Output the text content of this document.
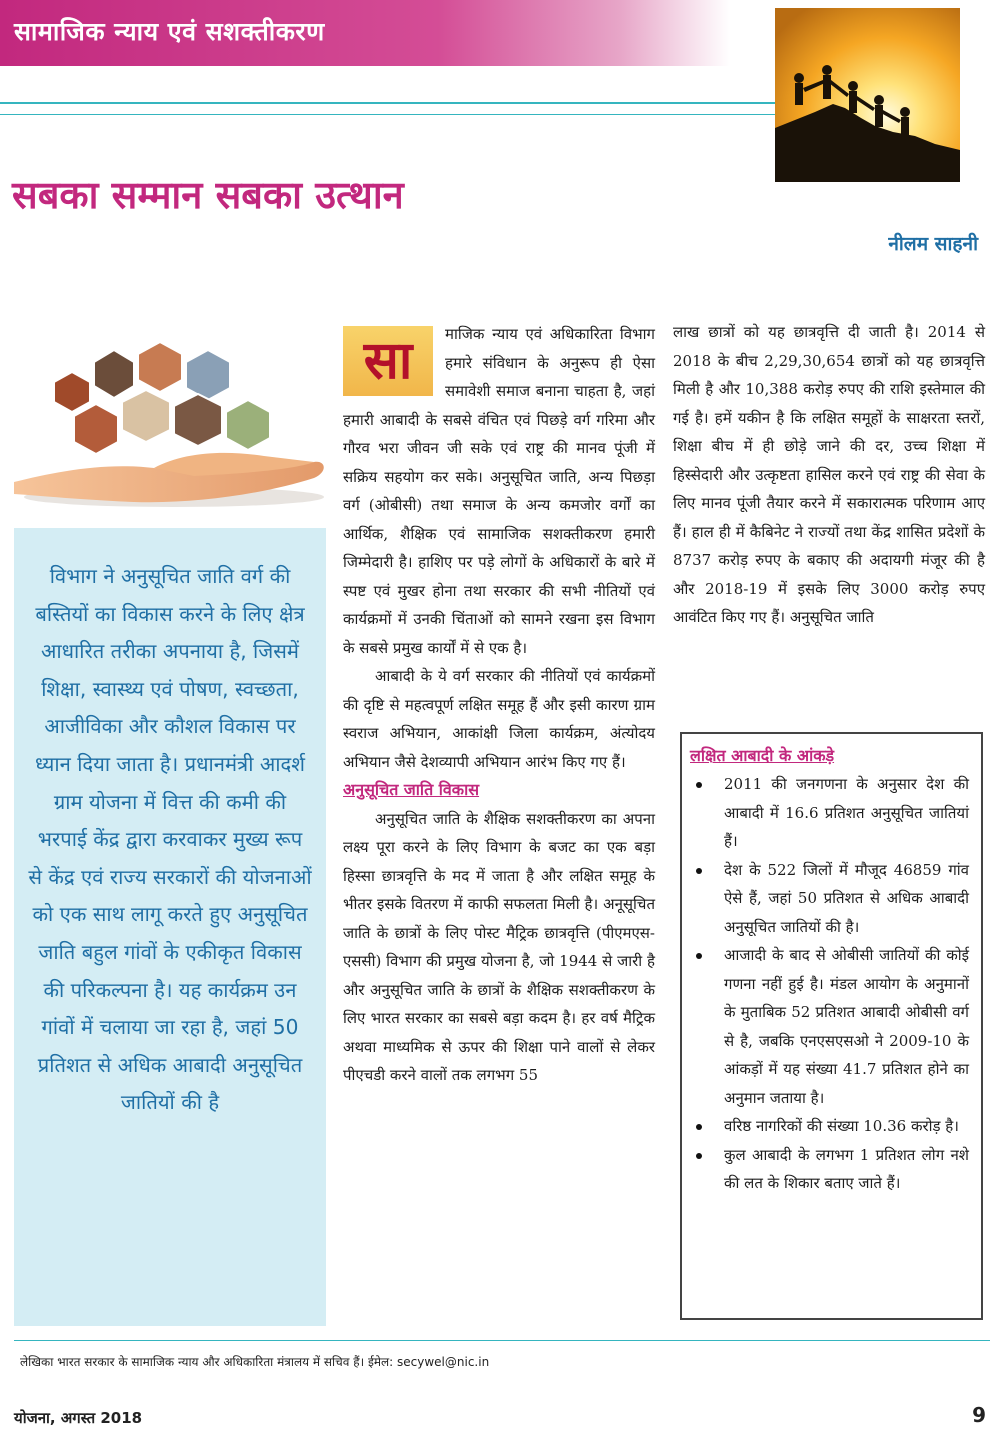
सामाजिक न्याय एवं सशक्तीकरण
सबका सम्मान सबका उत्थान
नीलम साहनी

विभाग ने अनुसूचित जाति वर्ग की बस्तियों का विकास करने के लिए क्षेत्र आधारित तरीका अपनाया है, जिसमें शिक्षा, स्वास्थ्य एवं पोषण, स्वच्छता, आजीविका और कौशल विकास पर ध्यान दिया जाता है। प्रधानमंत्री आदर्श ग्राम योजना में वित्त की कमी की भरपाई केंद्र द्वारा करवाकर मुख्य रूप से केंद्र एवं राज्य सरकारों की योजनाओं को एक साथ लागू करते हुए अनुसूचित जाति बहुल गांवों के एकीकृत विकास की परिकल्पना है। यह कार्यक्रम उन गांवों में चलाया जा रहा है, जहां 50 प्रतिशत से अधिक आबादी अनुसूचित जातियों की है

सा	माजिक न्याय एवं अधिकारिता विभाग हमारे संविधान के अनुरूप ही ऐसा समावेशी समाज बनाना चाहता है, जहां हमारी आबादी के सबसे वंचित एवं पिछड़े वर्ग गरिमा और गौरव भरा जीवन जी सके एवं राष्ट्र की मानव पूंजी में सक्रिय सहयोग कर सके। अनुसूचित जाति, अन्य पिछड़ा वर्ग (ओबीसी) तथा समाज के अन्य कमजोर वर्गों का आर्थिक, शैक्षिक एवं सामाजिक सशक्तीकरण हमारी जिम्मेदारी है। हाशिए पर पड़े लोगों के अधिकारों के बारे में स्पष्ट एवं मुखर होना तथा सरकार की सभी नीतियों एवं कार्यक्रमों में उनकी चिंताओं को सामने रखना इस विभाग के सबसे प्रमुख कार्यों में से एक है।

आबादी के ये वर्ग सरकार की नीतियों एवं कार्यक्रमों की दृष्टि से महत्वपूर्ण लक्षित समूह हैं और इसी कारण ग्राम स्वराज अभियान, आकांक्षी जिला कार्यक्रम, अंत्योदय अभियान जैसे देशव्यापी अभियान आरंभ किए गए हैं।

अनुसूचित जाति विकास

अनुसूचित जाति के शैक्षिक सशक्तीकरण का अपना लक्ष्य पूरा करने के लिए विभाग के बजट का एक बड़ा हिस्सा छात्रवृत्ति के मद में जाता है और लक्षित समूह के भीतर इसके वितरण में काफी सफलता मिली है। अनूसूचित जाति के छात्रों के लिए पोस्ट मैट्रिक छात्रवृत्ति (पीएमएस-एससी) विभाग की प्रमुख योजना है, जो 1944 से जारी है और अनुसूचित जाति के छात्रों के शैक्षिक सशक्तीकरण के लिए भारत सरकार का सबसे बड़ा कदम है। हर वर्ष मैट्रिक अथवा माध्यमिक से ऊपर की शिक्षा पाने वालों से लेकर पीएचडी करने वालों तक लगभग 55

लाख छात्रों को यह छात्रवृत्ति दी जाती है। 2014 से 2018 के बीच 2,29,30,654 छात्रों को यह छात्रवृत्ति मिली है और 10,388 करोड़ रुपए की राशि इस्तेमाल की गई है। हमें यकीन है कि लक्षित समूहों के साक्षरता स्तरों, शिक्षा बीच में ही छोड़े जाने की दर, उच्च शिक्षा में हिस्सेदारी और उत्कृष्टता हासिल करने एवं राष्ट्र की सेवा के लिए मानव पूंजी तैयार करने में सकारात्मक परिणाम आए हैं। हाल ही में कैबिनेट ने राज्यों तथा केंद्र शासित प्रदेशों के 8737 करोड़ रुपए के बकाए की अदायगी मंजूर की है और 2018-19 में इसके लिए 3000 करोड़ रुपए आवंटित किए गए हैं। अनुसूचित जाति

लक्षित आबादी के आंकड़े

2011 की जनगणना के अनुसार देश की आबादी में 16.6 प्रतिशत अनुसूचित जातियां हैं।
देश के 522 जिलों में मौजूद 46859 गांव ऐसे हैं, जहां 50 प्रतिशत से अधिक आबादी अनुसूचित जातियों की है।
आजादी के बाद से ओबीसी जातियों की कोई गणना नहीं हुई है। मंडल आयोग के अनुमानों के मुताबिक 52 प्रतिशत आबादी ओबीसी वर्ग से है, जबकि एनएसएसओ ने 2009-10 के आंकड़ों में यह संख्या 41.7 प्रतिशत होने का अनुमान जताया है।
वरिष्ठ नागरिकों की संख्या 10.36 करोड़ है।
कुल आबादी के लगभग 1 प्रतिशत लोग नशे की लत के शिकार बताए जाते हैं।
लेखिका भारत सरकार के सामाजिक न्याय और अधिकारिता मंत्रालय में सचिव हैं। ईमेल: secywel@nic.in
योजना, अगस्त 2018	9
